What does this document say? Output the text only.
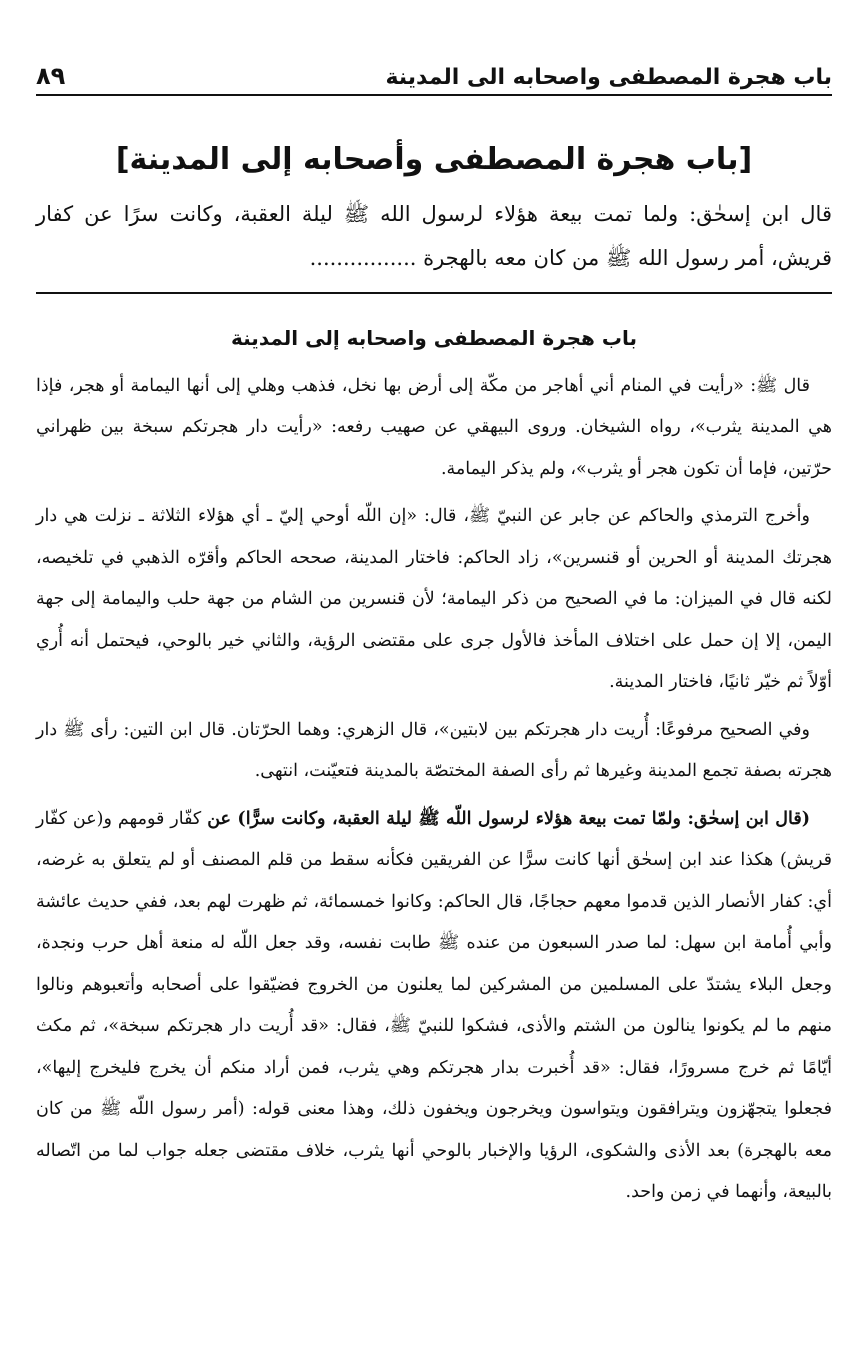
باب هجرة المصطفى واصحابه الى المدينة
٨٩
[باب هجرة المصطفى وأصحابه إلى المدينة]

قال ابن إسحٰق: ولما تمت بيعة هؤلاء لرسول الله ﷺ ليلة العقبة، وكانت سرًا عن كفار قريش، أمر رسول الله ﷺ من كان معه بالهجرة ................

باب هجرة المصطفى واصحابه إلى المدينة

قال ﷺ: «رأيت في المنام أني أهاجر من مكّة إلى أرض بها نخل، فذهب وهلي إلى أنها اليمامة أو هجر، فإذا هي المدينة يثرب»، رواه الشيخان. وروى البيهقي عن صهيب رفعه: «رأيت دار هجرتكم سبخة بين ظهراني حرّتين، فإما أن تكون هجر أو يثرب»، ولم يذكر اليمامة.

وأخرج الترمذي والحاكم عن جابر عن النبيّ ﷺ، قال: «إن اللّه أوحي إليّ ـ أي هؤلاء الثلاثة ـ نزلت هي دار هجرتك المدينة أو الحرين أو قنسرين»، زاد الحاكم: فاختار المدينة، صححه الحاكم وأقرّه الذهبي في تلخيصه، لكنه قال في الميزان: ما في الصحيح من ذكر اليمامة؛ لأن قنسرين من الشام من جهة حلب واليمامة إلى جهة اليمن، إلا إن حمل على اختلاف المأخذ فالأول جرى على مقتضى الرؤية، والثاني خير بالوحي، فيحتمل أنه أُري أوّلاً ثم خيّر ثانيًا، فاختار المدينة.

وفي الصحيح مرفوعًا: أُريت دار هجرتكم بين لابتين»، قال الزهري: وهما الحرّتان. قال ابن التين: رأى ﷺ دار هجرته بصفة تجمع المدينة وغيرها ثم رأى الصفة المختصّة بالمدينة فتعيّنت، انتهى.

(قال ابن إسحٰق: ولمّا تمت بيعة هؤلاء لرسول اللّه ﷺ ليلة العقبة، وكانت سرًّا) عن كفّار قومهم و(عن كفّار قريش) هكذا عند ابن إسحٰق أنها كانت سرًّا عن الفريقين فكأنه سقط من قلم المصنف أو لم يتعلق به غرضه، أي: كفار الأنصار الذين قدموا معهم حجاجًا، قال الحاكم: وكانوا خمسمائة، ثم ظهرت لهم بعد، ففي حديث عائشة وأبي أُمامة ابن سهل: لما صدر السبعون من عنده ﷺ طابت نفسه، وقد جعل اللّه له منعة أهل حرب ونجدة، وجعل البلاء يشتدّ على المسلمين من المشركين لما يعلنون من الخروج فضيّقوا على أصحابه وأتعبوهم ونالوا منهم ما لم يكونوا ينالون من الشتم والأذى، فشكوا للنبيّ ﷺ، فقال: «قد أُريت دار هجرتكم سبخة»، ثم مكث أيّامًا ثم خرج مسرورًا، فقال: «قد أُخبرت بدار هجرتكم وهي يثرب، فمن أراد منكم أن يخرج فليخرج إليها»، فجعلوا يتجهّزون ويترافقون ويتواسون ويخرجون ويخفون ذلك، وهذا معنى قوله: (أمر رسول اللّه ﷺ من كان معه بالهجرة) بعد الأذى والشكوى، الرؤيا والإخبار بالوحي أنها يثرب، خلاف مقتضى جعله جواب لما من اتّصاله بالبيعة، وأنهما في زمن واحد.
